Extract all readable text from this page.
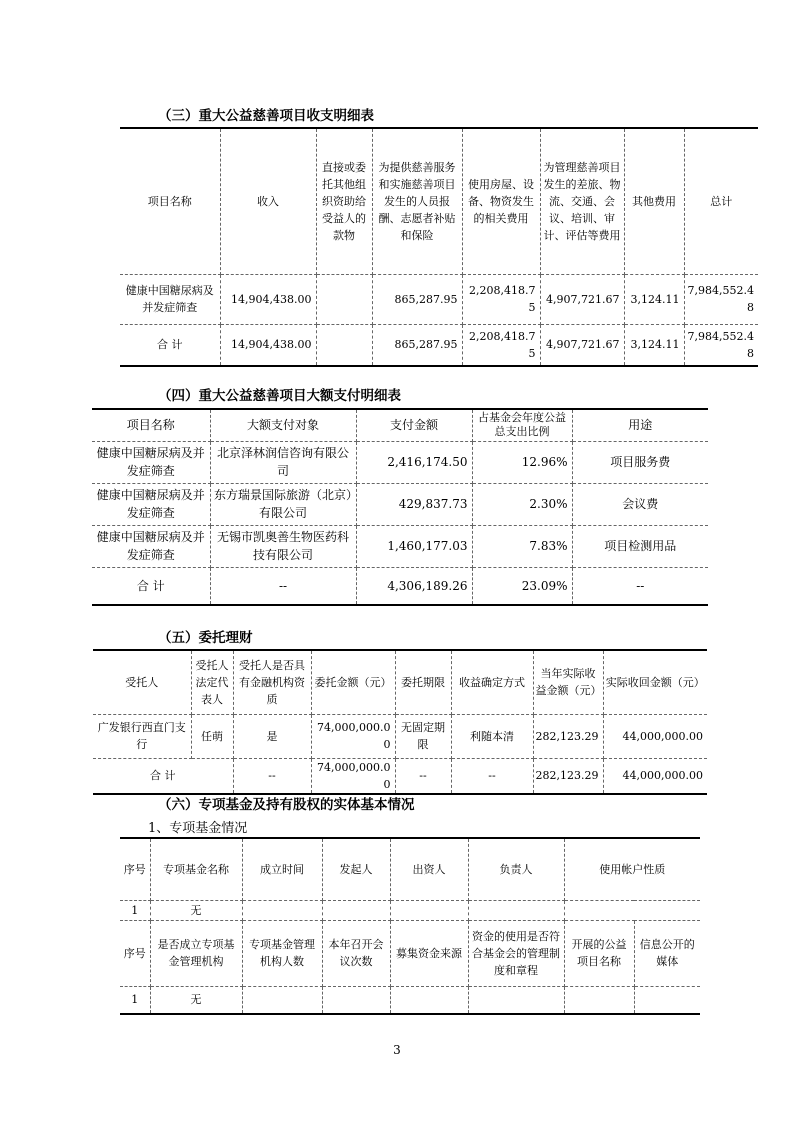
（三）重大公益慈善项目收支明细表
项目名称	收入	直接或委托其他组织资助给受益人的款物	为提供慈善服务和实施慈善项目发生的人员报酬、志愿者补贴和保险	使用房屋、设备、物资发生的相关费用	为管理慈善项目发生的差旅、物流、交通、会议、培训、审计、评估等费用	其他费用	总计
健康中国糖尿病及并发症筛查	14,904,438.00		865,287.95	2,208,418.75	4,907,721.67	3,124.11	7,984,552.48
合 计	14,904,438.00		865,287.95	2,208,418.75	4,907,721.67	3,124.11	7,984,552.48
（四）重大公益慈善项目大额支付明细表
项目名称	大额支付对象	支付金额	占基金会年度公益总支出比例	用途
健康中国糖尿病及并发症筛查	北京泽林润信咨询有限公司	2,416,174.50	12.96%	项目服务费
健康中国糖尿病及并发症筛查	东方瑞景国际旅游（北京）有限公司	429,837.73	2.30%	会议费
健康中国糖尿病及并发症筛查	无锡市凯奥善生物医药科技有限公司	1,460,177.03	7.83%	项目检测用品
合 计	--	4,306,189.26	23.09%	--
（五）委托理财
受托人	受托人法定代表人	受托人是否具有金融机构资质	委托金额（元）	委托期限	收益确定方式	当年实际收益金额（元）	实际收回金额（元）
广发银行西直门支行	任萌	是	74,000,000.00	无固定期限	利随本清	282,123.29	44,000,000.00
合 计		--	74,000,000.00	--	--	282,123.29	44,000,000.00
（六）专项基金及持有股权的实体基本情况
1、专项基金情况
序号	专项基金名称	成立时间	发起人	出资人	负责人	使用帐户性质	
1	无						
序号	是否成立专项基金管理机构	专项基金管理机构人数	本年召开会议次数	募集资金来源	资金的使用是否符合基金会的管理制度和章程	开展的公益项目名称	信息公开的媒体
1	无						
3
